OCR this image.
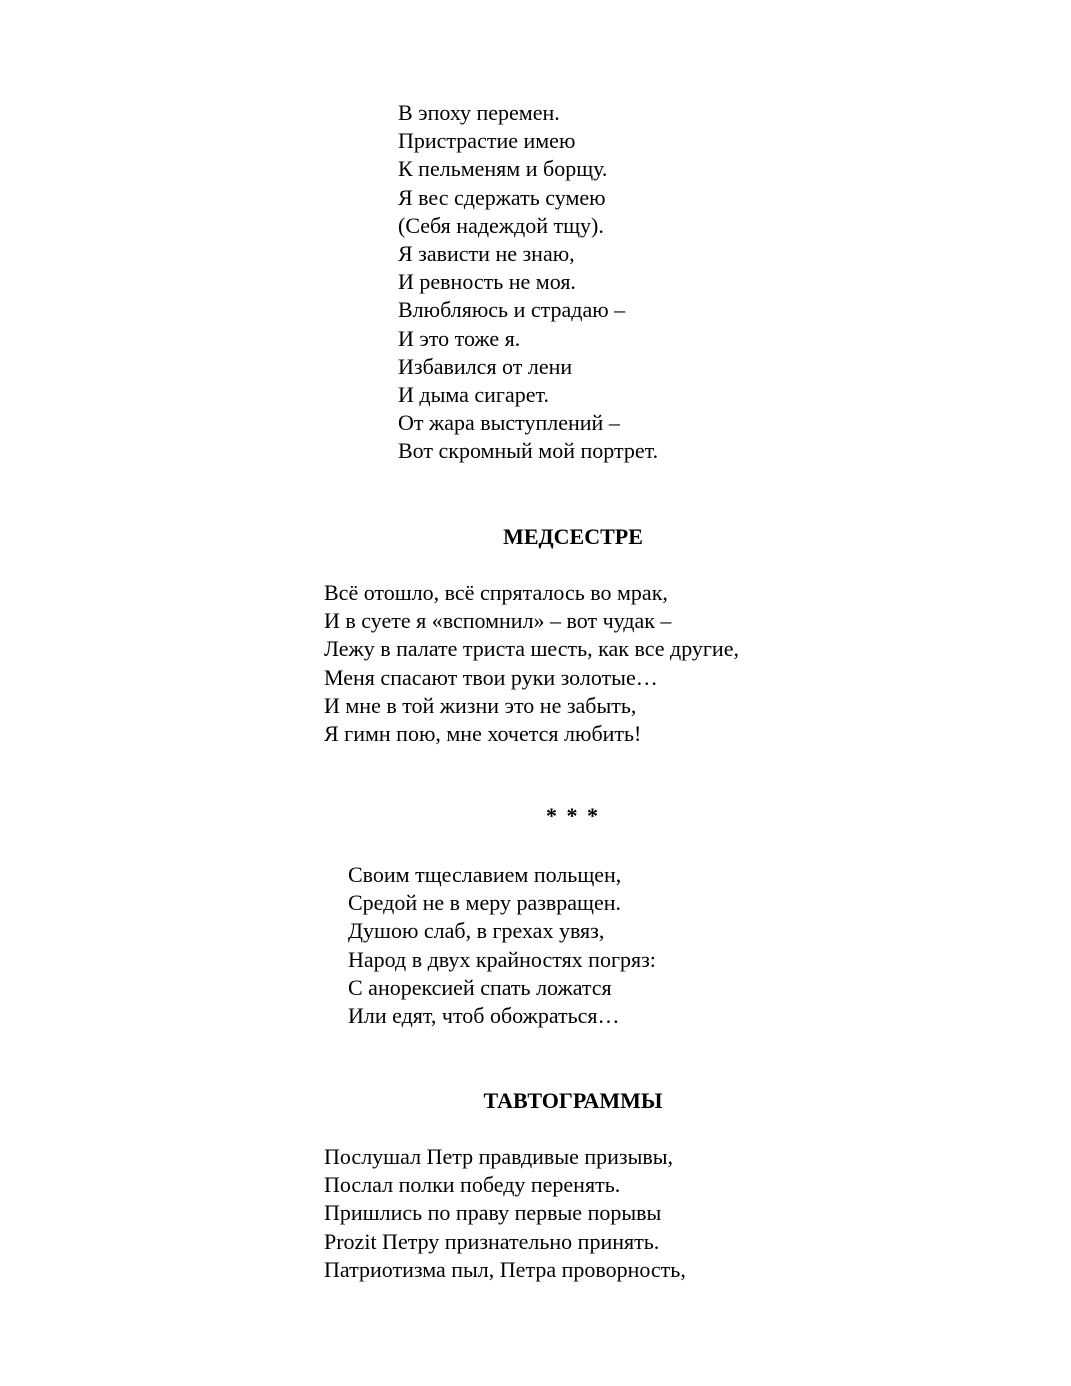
В эпоху перемен.
Пристрастие имею
К пельменям и борщу.
Я вес сдержать сумею
(Себя надеждой тщу).
Я зависти не знаю,
И ревность не моя.
Влюбляюсь и страдаю –
И это тоже я.
Избавился от лени
И дыма сигарет.
От жара выступлений –
Вот скромный мой портрет.
МЕДСЕСТРЕ
Всё отошло, всё спряталось во мрак,
И в суете я «вспомнил» – вот чудак –
Лежу в палате триста шесть, как все другие,
Меня спасают твои руки золотые…
И мне в той жизни это не забыть,
Я гимн пою, мне хочется любить!
* * *
Своим тщеславием польщен,
Средой не в меру развращен.
Душою слаб, в грехах увяз,
Народ в двух крайностях погряз:
С анорексией спать ложатся
Или едят, чтоб обожраться…
ТАВТОГРАММЫ
Послушал Петр правдивые призывы,
Послал полки победу перенять.
Пришлись по праву первые порывы
Prozit Петру признательно принять.
Патриотизма пыл, Петра проворность,
